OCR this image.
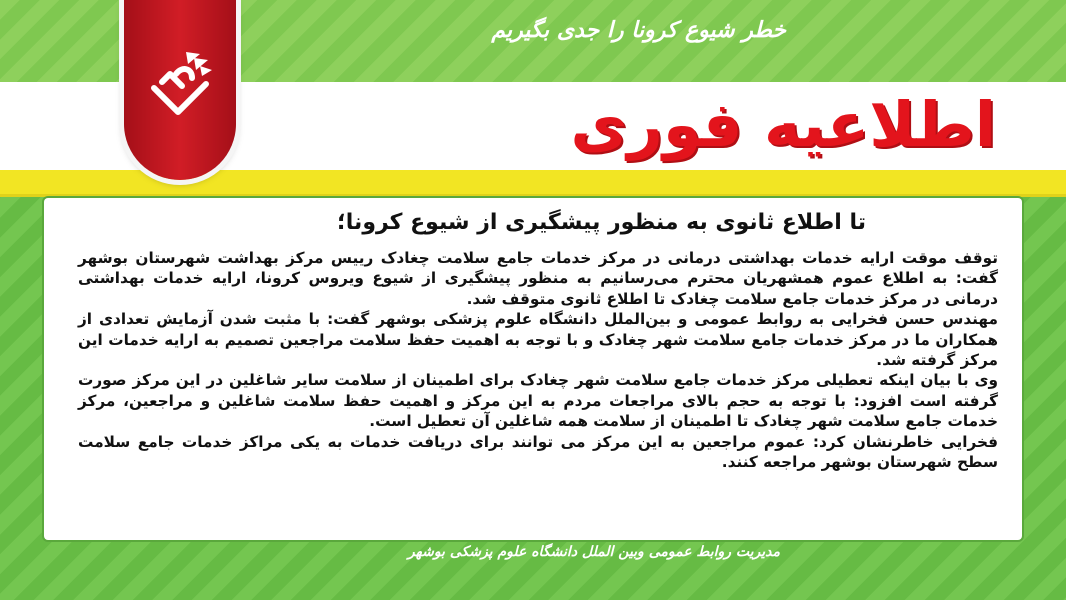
خطر شیوع کرونا را جدی بگیریم
اطلاعیه فوری
تا اطلاع ثانوی به منظور پیشگیری از شیوع کرونا؛

توقف موقت ارایه خدمات بهداشتی درمانی در مرکز خدمات جامع سلامت چغادک رییس مرکز بهداشت شهرستان بوشهر گفت: به اطلاع عموم همشهریان محترم می‌رسانیم به منظور پیشگیری از شیوع ویروس کرونا، ارایه خدمات بهداشتی درمانی در مرکز خدمات جامع سلامت چغادک تا اطلاع ثانوی متوقف شد.

مهندس حسن فخرایی به روابط عمومی و بین‌الملل دانشگاه علوم پزشکی بوشهر گفت: با مثبت شدن آزمایش تعدادی از همکاران ما در مرکز خدمات جامع سلامت شهر چغادک و با توجه به اهمیت حفظ سلامت مراجعین تصمیم به ارایه خدمات این مرکز گرفته شد.

وی با بیان اینکه تعطیلی مرکز خدمات جامع سلامت شهر چغادک برای اطمینان از سلامت سایر شاغلین در این مرکز صورت گرفته است افزود: با توجه به حجم بالای مراجعات مردم به این مرکز و اهمیت حفظ سلامت شاغلین و مراجعین، مرکز خدمات جامع سلامت شهر چغادک تا اطمینان از سلامت همه شاغلین آن تعطیل است.

فخرایی خاطرنشان کرد: عموم مراجعین به این مرکز می توانند برای دریافت خدمات به یکی مراکز خدمات جامع سلامت سطح شهرستان بوشهر مراجعه کنند.

مدیریت روابط عمومی وبین الملل دانشگاه علوم پزشکی بوشهر
